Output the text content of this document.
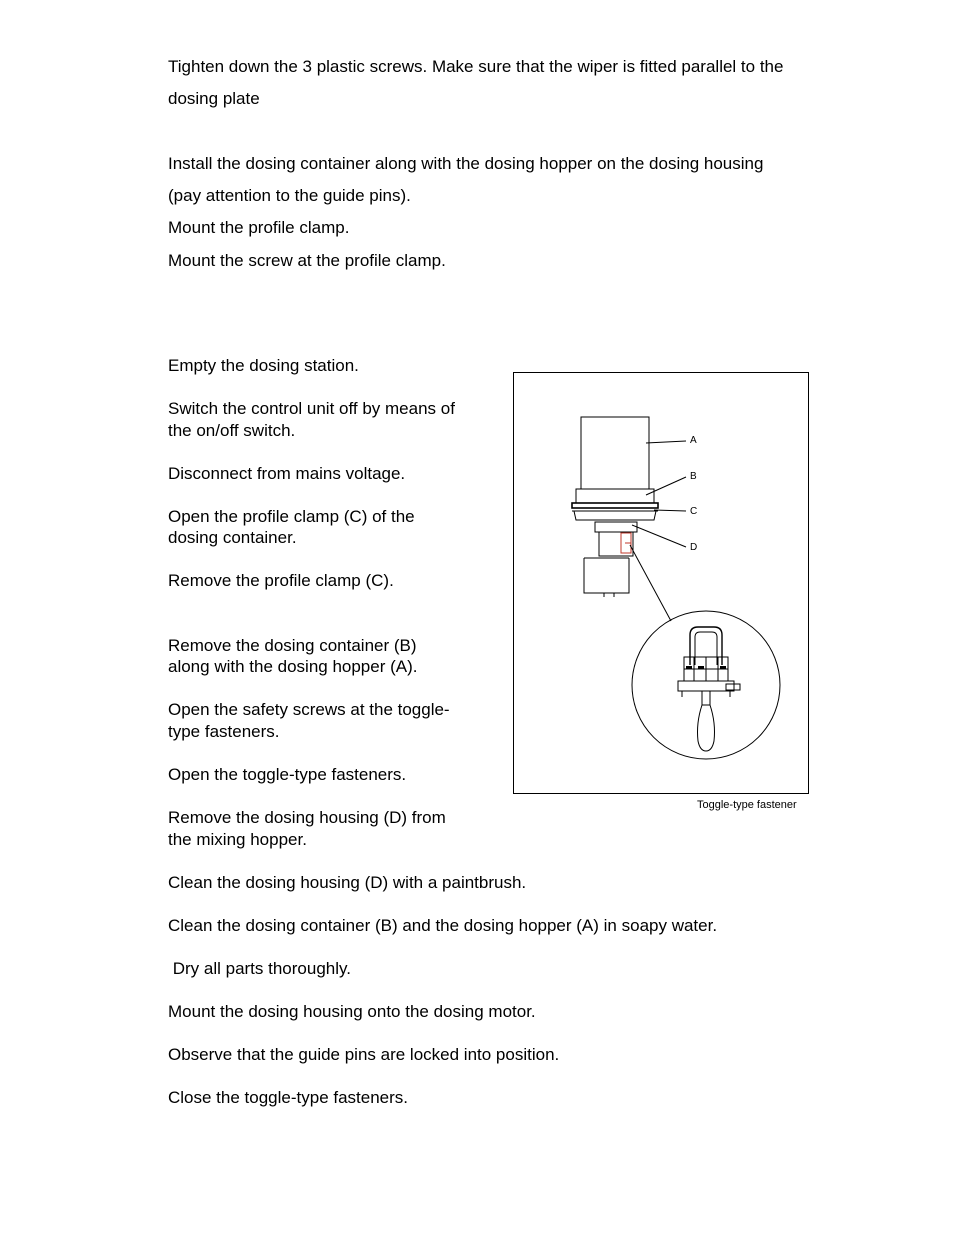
Tighten down the 3 plastic screws. Make sure that the wiper is fitted parallel to the
dosing plate
Install the dosing container along with the dosing hopper on the dosing housing
(pay attention to the guide pins).
Mount the profile clamp.
Mount the screw at the profile clamp.
Empty the dosing station.
Switch the control unit off by means of
the on/off switch.
Disconnect from mains voltage.
Open the profile clamp (C) of the
dosing container.
Remove the profile clamp (C).
Remove the dosing container (B)
along with the dosing hopper (A).
Open the safety screws at the toggle-
type fasteners.
Open the toggle-type fasteners.
Remove the dosing housing (D) from
the mixing hopper.
Clean the dosing housing (D) with a paintbrush.
Clean the dosing container (B) and the dosing hopper (A) in soapy water.
Dry all parts thoroughly.
Mount the dosing housing onto the dosing motor.
Observe that the guide pins are locked into position.
Close the toggle-type fasteners.
A
B
C
D
Toggle-type fastener
